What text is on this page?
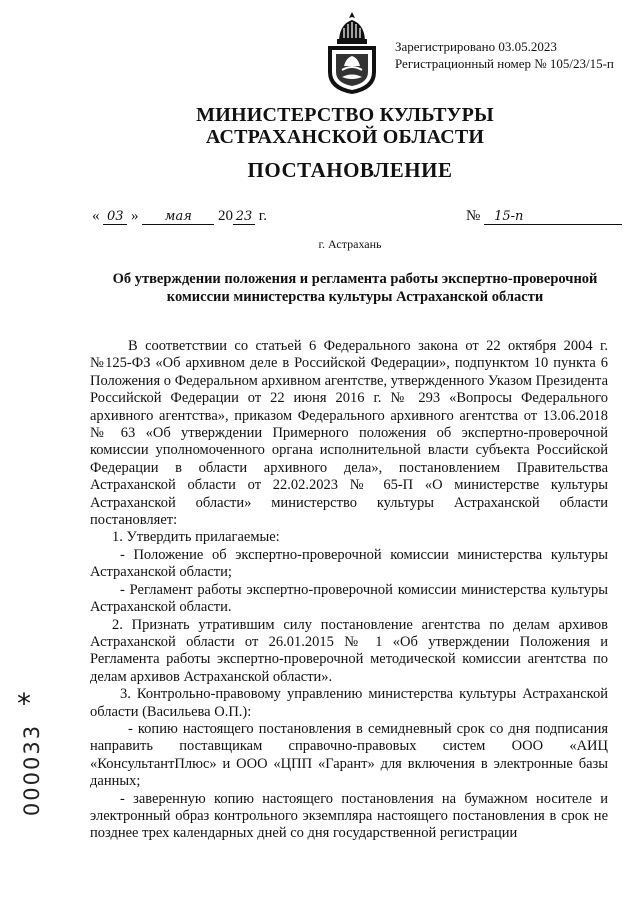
Зарегистрировано 03.05.2023
Регистрационный номер № 105/23/15-п
МИНИСТЕРСТВО КУЛЬТУРЫ
АСТРАХАНСКОЙ ОБЛАСТИ
ПОСТАНОВЛЕНИЕ
« 03 » мая 20 23 г.	№ 15-п
г. Астрахань
Об утверждении положения и регламента работы экспертно-проверочной
комиссии министерства культуры Астраханской области

В соответствии со статьей 6 Федерального закона от 22 октября 2004 г. №125-ФЗ «Об архивном деле в Российской Федерации», подпунктом 10 пункта 6 Положения о Федеральном архивном агентстве, утвержденного Указом Президента Российской Федерации от 22 июня 2016 г. № 293 «Вопросы Федерального архивного агентства», приказом Федерального архивного агентства от 13.06.2018 № 63 «Об утверждении Примерного положения об экспертно-проверочной комиссии уполномоченного органа исполнительной власти субъекта Российской Федерации в области архивного дела», постановлением Правительства Астраханской области от 22.02.2023 № 65-П «О министерстве культуры Астраханской области» министерство культуры Астраханской области постановляет:

1. Утвердить прилагаемые:

- Положение об экспертно-проверочной комиссии министерства культуры Астраханской области;

- Регламент работы экспертно-проверочной комиссии министерства культуры Астраханской области.

2. Признать утратившим силу постановление агентства по делам архивов Астраханской области от 26.01.2015 № 1 «Об утверждении Положения и Регламента работы экспертно-проверочной методической комиссии агентства по делам архивов Астраханской области».

3. Контрольно-правовому управлению министерства культуры Астраханской области (Васильева О.П.):

- копию настоящего постановления в семидневный срок со дня подписания направить поставщикам справочно-правовых систем ООО «АИЦ «КонсультантПлюс» и ООО «ЦПП «Гарант» для включения в электронные базы данных;

- заверенную копию настоящего постановления на бумажном носителе и электронный образ контрольного экземпляра настоящего постановления в срок не позднее трех календарных дней со дня государственной регистрации

*
000033
